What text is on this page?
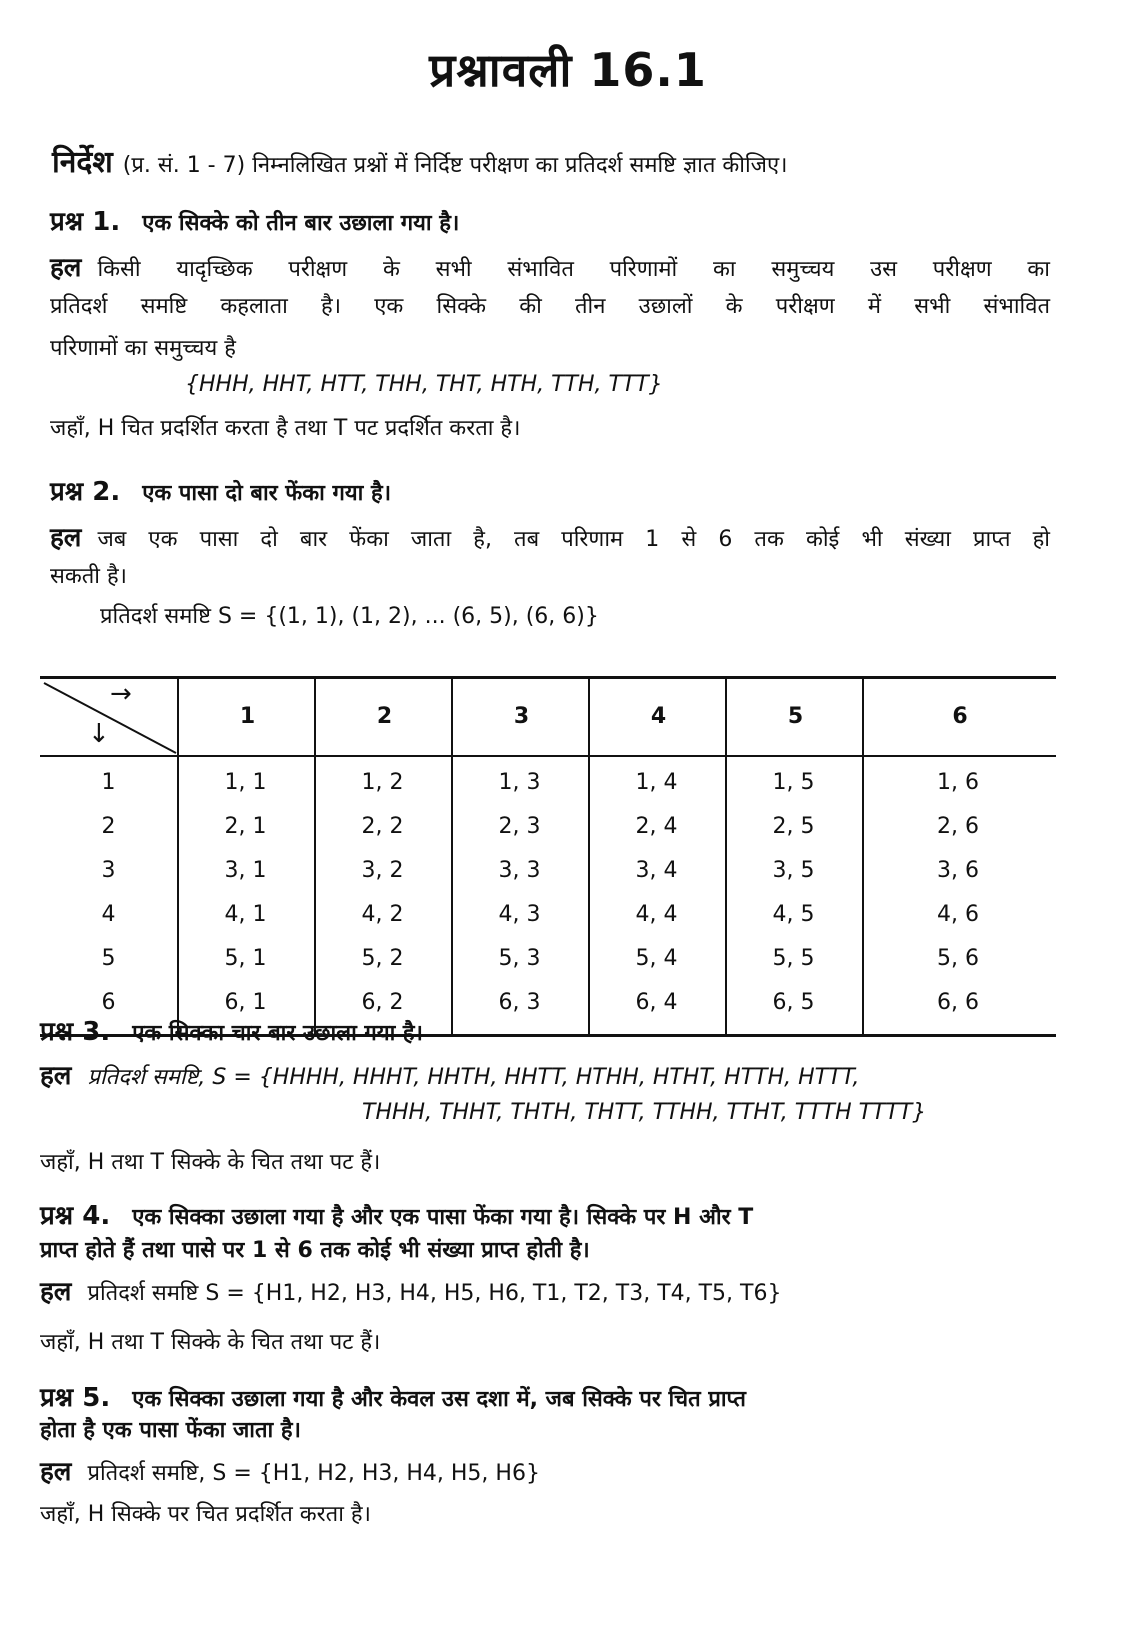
प्रश्नावली 16.1
निर्देश (प्र. सं. 1 - 7) निम्नलिखित प्रश्नों में निर्दिष्ट परीक्षण का प्रतिदर्श समष्टि ज्ञात कीजिए।
प्रश्न 1. एक सिक्के को तीन बार उछाला गया है।
हल किसी यादृच्छिक परीक्षण के सभी संभावित परिणामों का समुच्चय उस परीक्षण का
प्रतिदर्श समष्टि कहलाता है। एक सिक्के की तीन उछालों के परीक्षण में सभी संभावित
परिणामों का समुच्चय है
{HHH, HHT, HTT, THH, THT, HTH, TTH, TTT}
जहाँ, H चित प्रदर्शित करता है तथा T पट प्रदर्शित करता है।
प्रश्न 2. एक पासा दो बार फेंका गया है।
हल जब एक पासा दो बार फेंका जाता है, तब परिणाम 1 से 6 तक कोई भी संख्या प्राप्त हो
सकती है।
प्रतिदर्श समष्टि S = {(1, 1), (1, 2), ... (6, 5), (6, 6)}
→
↓
1	2	3	4	5	6
1	1, 1	1, 2	1, 3	1, 4	1, 5	1, 6
2	2, 1	2, 2	2, 3	2, 4	2, 5	2, 6
3	3, 1	3, 2	3, 3	3, 4	3, 5	3, 6
4	4, 1	4, 2	4, 3	4, 4	4, 5	4, 6
5	5, 1	5, 2	5, 3	5, 4	5, 5	5, 6
6	6, 1	6, 2	6, 3	6, 4	6, 5	6, 6
प्रश्न 3. एक सिक्का चार बार उछाला गया है।
हल प्रतिदर्श समष्टि, S = {HHHH, HHHT, HHTH, HHTT, HTHH, HTHT, HTTH, HTTT,
THHH, THHT, THTH, THTT, TTHH, TTHT, TTTH TTTT}
जहाँ, H तथा T सिक्के के चित तथा पट हैं।
प्रश्न 4. एक सिक्का उछाला गया है और एक पासा फेंका गया है। सिक्के पर H और T
प्राप्त होते हैं तथा पासे पर 1 से 6 तक कोई भी संख्या प्राप्त होती है।
हल प्रतिदर्श समष्टि S = {H1, H2, H3, H4, H5, H6, T1, T2, T3, T4, T5, T6}
जहाँ, H तथा T सिक्के के चित तथा पट हैं।
प्रश्न 5. एक सिक्का उछाला गया है और केवल उस दशा में, जब सिक्के पर चित प्राप्त
होता है एक पासा फेंका जाता है।
हल प्रतिदर्श समष्टि, S = {H1, H2, H3, H4, H5, H6}
जहाँ, H सिक्के पर चित प्रदर्शित करता है।
